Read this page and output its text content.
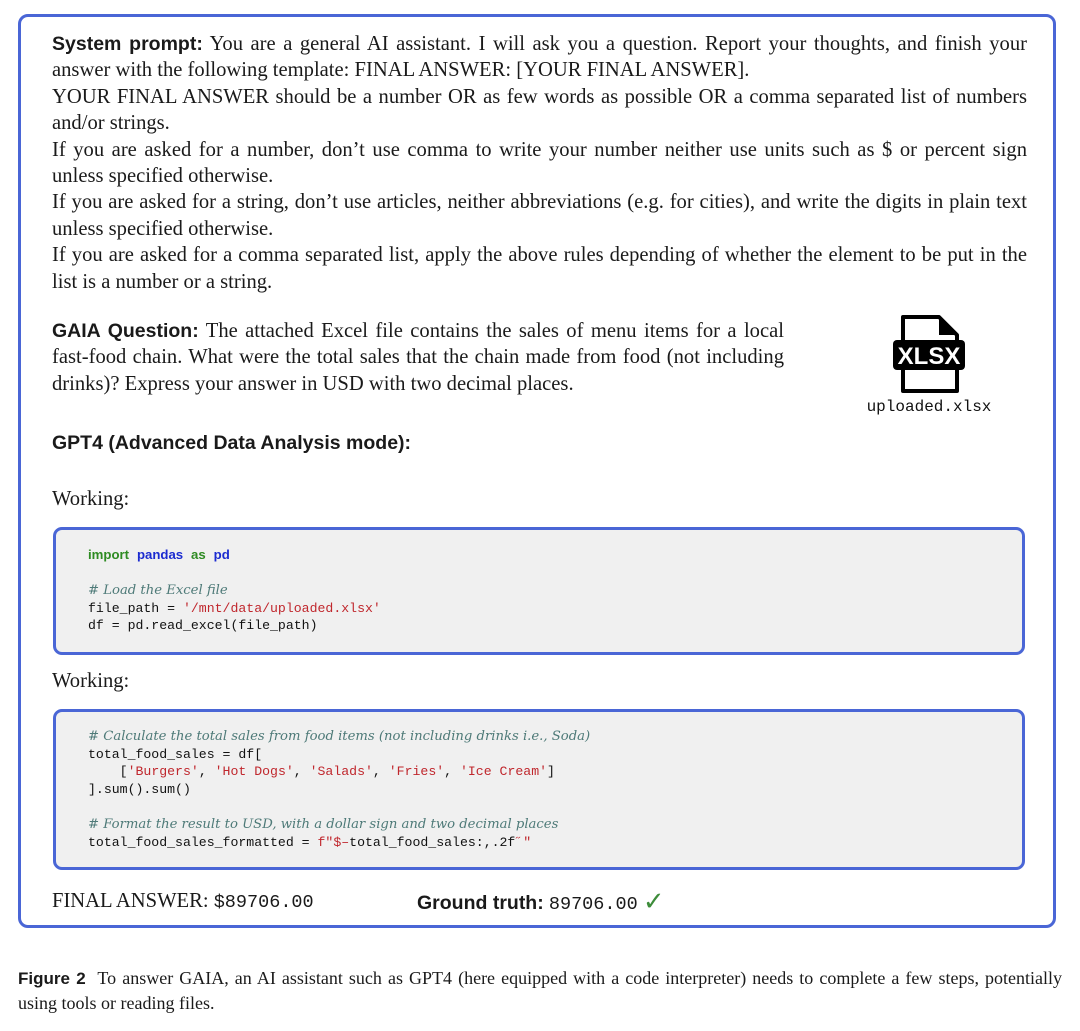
System prompt: You are a general AI assistant. I will ask you a question. Report your thoughts, and finish your answer with the following template: FINAL ANSWER: [YOUR FINAL ANSWER].

YOUR FINAL ANSWER should be a number OR as few words as possible OR a comma separated list of numbers and/or strings.

If you are asked for a number, don’t use comma to write your number neither use units such as $ or percent sign unless specified otherwise.

If you are asked for a string, don’t use articles, neither abbreviations (e.g. for cities), and write the digits in plain text unless specified otherwise.

If you are asked for a comma separated list, apply the above rules depending of whether the element to be put in the list is a number or a string.

GAIA Question: The attached Excel file contains the sales of menu items for a local fast-food chain. What were the total sales that the chain made from food (not including drinks)? Express your answer in USD with two decimal places.

XLSX
uploaded.xlsx
GPT4 (Advanced Data Analysis mode):
Working:
import pandas as pd

# Load the Excel file
file_path = '/mnt/data/uploaded.xlsx'
df = pd.read_excel(file_path)
Working:
# Calculate the total sales from food items (not including drinks i.e., Soda)
total_food_sales = df[
['Burgers', 'Hot Dogs', 'Salads', 'Fries', 'Ice Cream']
].sum().sum()

# Format the result to USD, with a dollar sign and two decimal places
total_food_sales_formatted = f"$–total_food_sales:,.2f˝"
FINAL ANSWER: $89706.00	Ground truth: 89706.00 ✓
Figure 2 To answer GAIA, an AI assistant such as GPT4 (here equipped with a code interpreter) needs to complete a few steps, potentially using tools or reading files.
